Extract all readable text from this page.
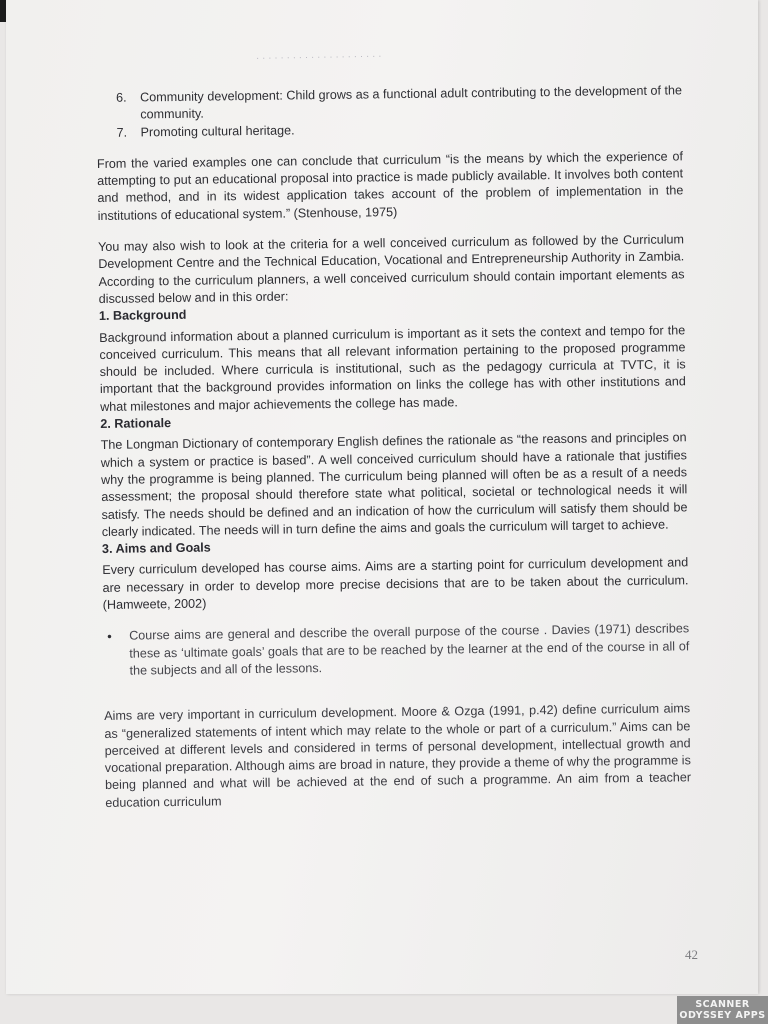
· · · · · · · · · · · · · · · · · · · · ·
6. Community development: Child grows as a functional adult contributing to the development of the community.
7. Promoting cultural heritage.

From the varied examples one can conclude that curriculum “is the means by which the experience of attempting to put an educational proposal into practice is made publicly available. It involves both content and method, and in its widest application takes account of the problem of implementation in the institutions of educational system.” (Stenhouse, 1975)

You may also wish to look at the criteria for a well conceived curriculum as followed by the Curriculum Development Centre and the Technical Education, Vocational and Entrepreneurship Authority in Zambia. According to the curriculum planners, a well conceived curriculum should contain important elements as discussed below and in this order:

1. Background

Background information about a planned curriculum is important as it sets the context and tempo for the conceived curriculum. This means that all relevant information pertaining to the proposed programme should be included. Where curricula is institutional, such as the pedagogy curricula at TVTC, it is important that the background provides information on links the college has with other institutions and what milestones and major achievements the college has made.

2. Rationale

The Longman Dictionary of contemporary English defines the rationale as “the reasons and principles on which a system or practice is based”. A well conceived curriculum should have a rationale that justifies why the programme is being planned. The curriculum being planned will often be as a result of a needs assessment; the proposal should therefore state what political, societal or technological needs it will satisfy. The needs should be defined and an indication of how the curriculum will satisfy them should be clearly indicated. The needs will in turn define the aims and goals the curriculum will target to achieve.

3. Aims and Goals

Every curriculum developed has course aims. Aims are a starting point for curriculum development and are necessary in order to develop more precise decisions that are to be taken about the curriculum. (Hamweete, 2002)

• Course aims are general and describe the overall purpose of the course . Davies (1971) describes these as ‘ultimate goals’ goals that are to be reached by the learner at the end of the course in all of the subjects and all of the lessons.

Aims are very important in curriculum development. Moore & Ozga (1991, p.42) define curriculum aims as “generalized statements of intent which may relate to the whole or part of a curriculum.” Aims can be perceived at different levels and considered in terms of personal development, intellectual growth and vocational preparation. Although aims are broad in nature, they provide a theme of why the programme is being planned and what will be achieved at the end of such a programme. An aim from a teacher education curriculum

42
SCANNER
ODYSSEY APPS
